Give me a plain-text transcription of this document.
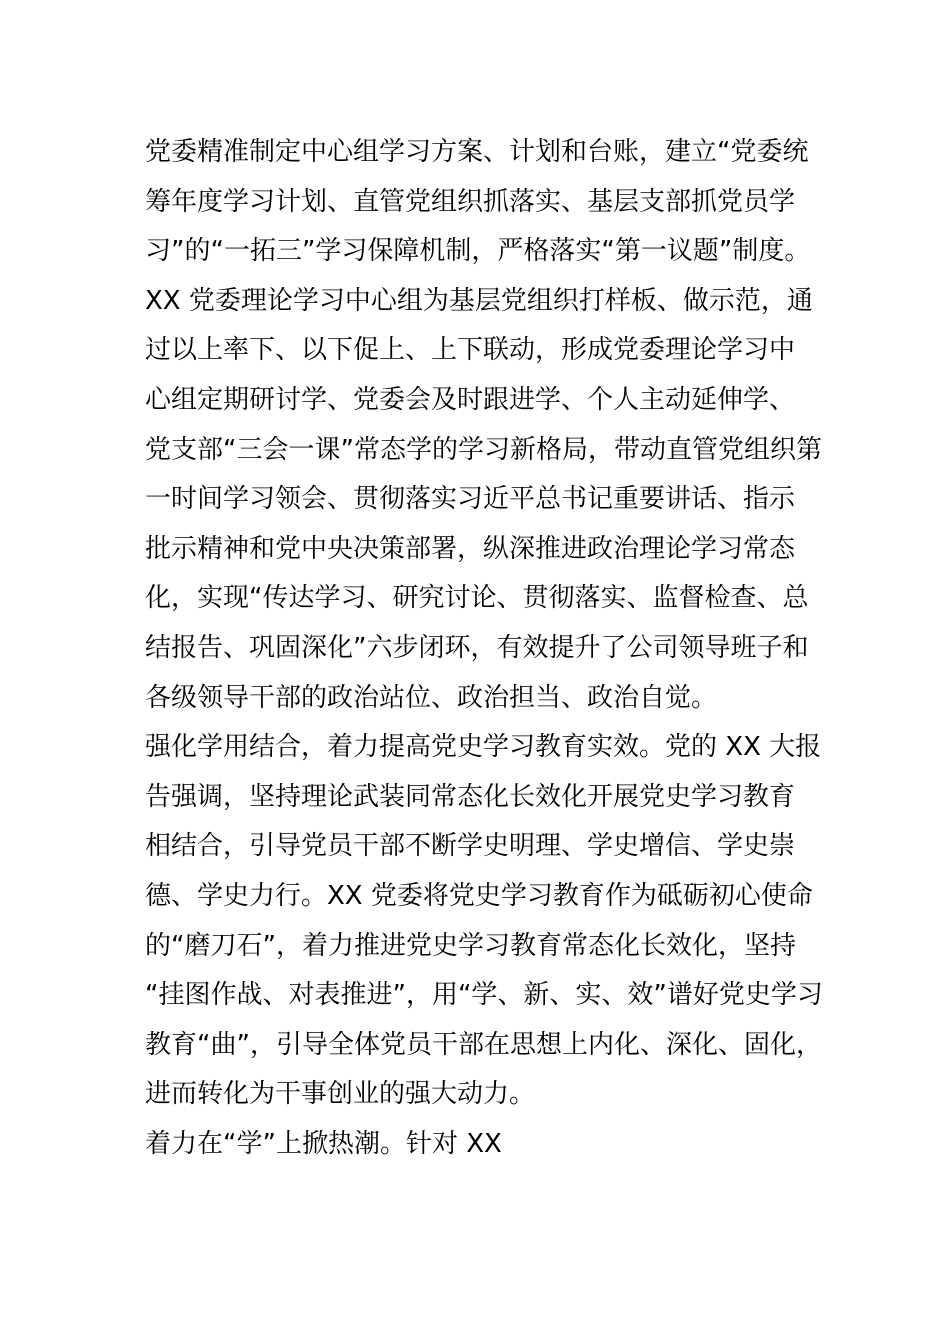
党委精准制定中心组学习方案、计划和台账，建立“党委统
筹年度学习计划、直管党组织抓落实、基层支部抓党员学
习”的“一拓三”学习保障机制，严格落实“第一议题”制度。
XX 党委理论学习中心组为基层党组织打样板、做示范，通
过以上率下、以下促上、上下联动，形成党委理论学习中
心组定期研讨学、党委会及时跟进学、个人主动延伸学、
党支部“三会一课”常态学的学习新格局，带动直管党组织第
一时间学习领会、贯彻落实习近平总书记重要讲话、指示
批示精神和党中央决策部署，纵深推进政治理论学习常态
化，实现“传达学习、研究讨论、贯彻落实、监督检查、总
结报告、巩固深化”六步闭环，有效提升了公司领导班子和
各级领导干部的政治站位、政治担当、政治自觉。
强化学用结合，着力提高党史学习教育实效。党的 XX 大报
告强调，坚持理论武装同常态化长效化开展党史学习教育
相结合，引导党员干部不断学史明理、学史增信、学史崇
德、学史力行。XX 党委将党史学习教育作为砥砺初心使命
的“磨刀石”，着力推进党史学习教育常态化长效化，坚持
“挂图作战、对表推进”，用“学、新、实、效”谱好党史学习
教育“曲”，引导全体党员干部在思想上内化、深化、固化，
进而转化为干事创业的强大动力。
着力在“学”上掀热潮。针对 XX
